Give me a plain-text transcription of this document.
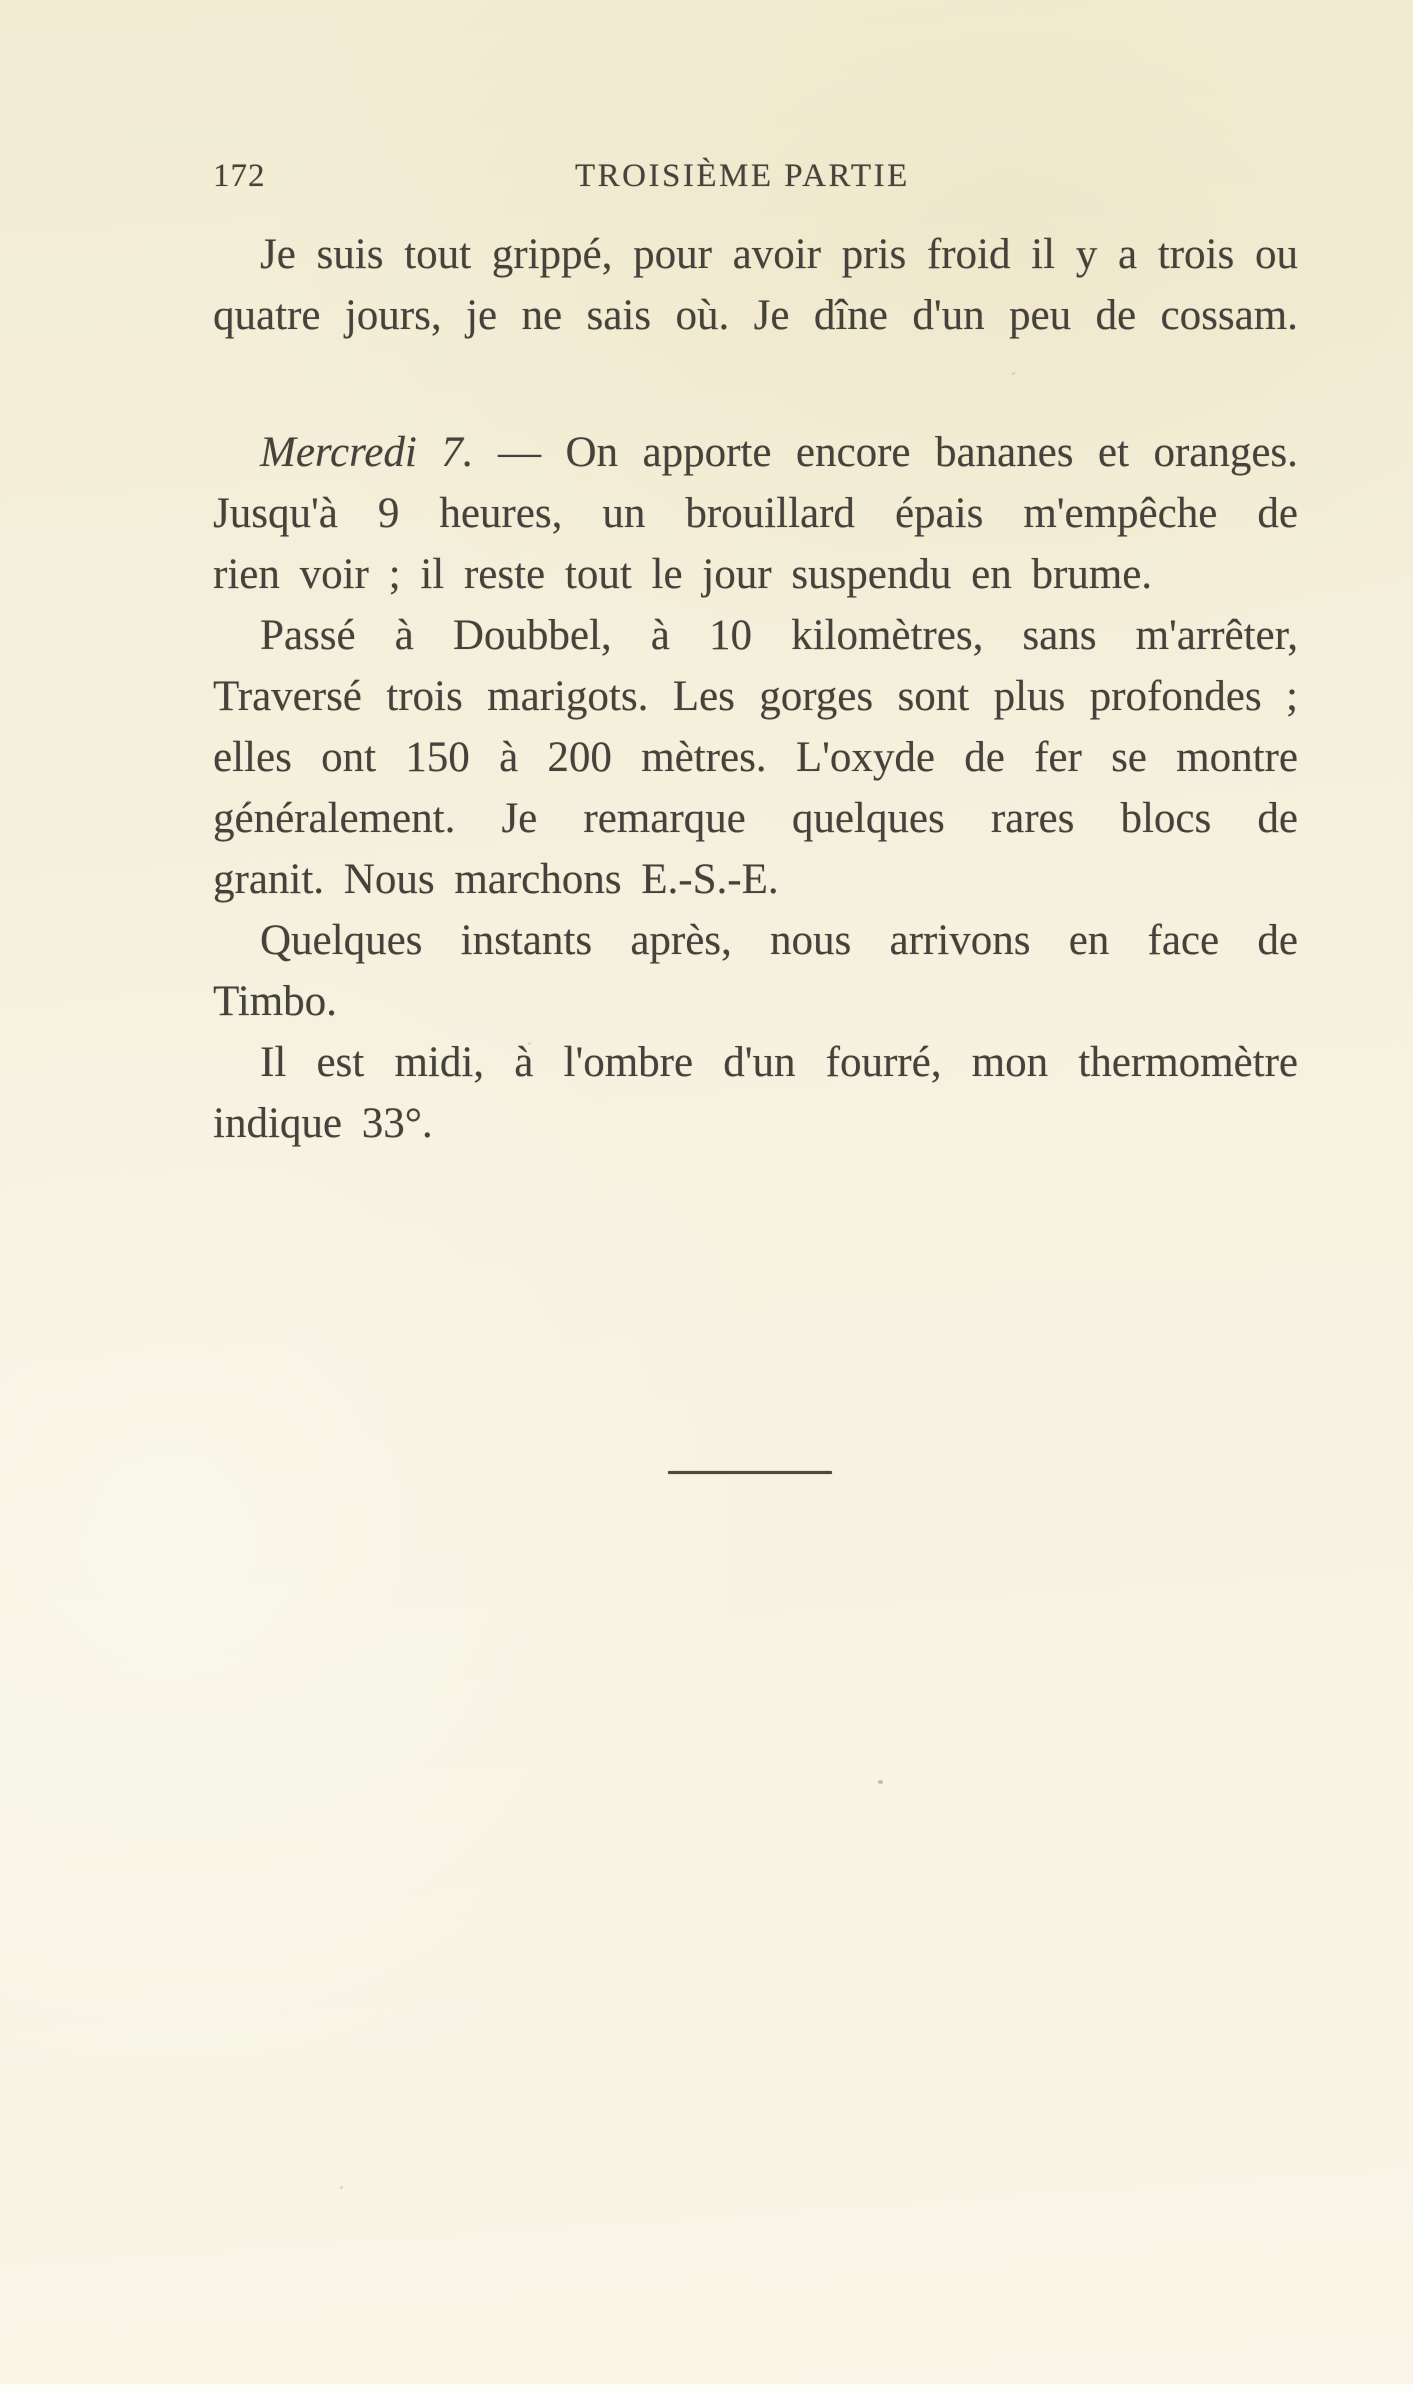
172	TROISIÈME PARTIE
Je suis tout grippé, pour avoir pris froid il y a trois ou
quatre jours, je ne sais où. Je dîne d'un peu de cossam.
Mercredi 7. — On apporte encore bananes et oranges.
Jusqu'à 9 heures, un brouillard épais m'empêche de
rien voir ; il reste tout le jour suspendu en brume.
Passé à Doubbel, à 10 kilomètres, sans m'arrêter,
Traversé trois marigots. Les gorges sont plus profondes ;
elles ont 150 à 200 mètres. L'oxyde de fer se montre
généralement. Je remarque quelques rares blocs de
granit. Nous marchons E.-S.-E.
Quelques instants après, nous arrivons en face de
Timbo.
Il est midi, à l'ombre d'un fourré, mon thermomètre
indique 33°.
